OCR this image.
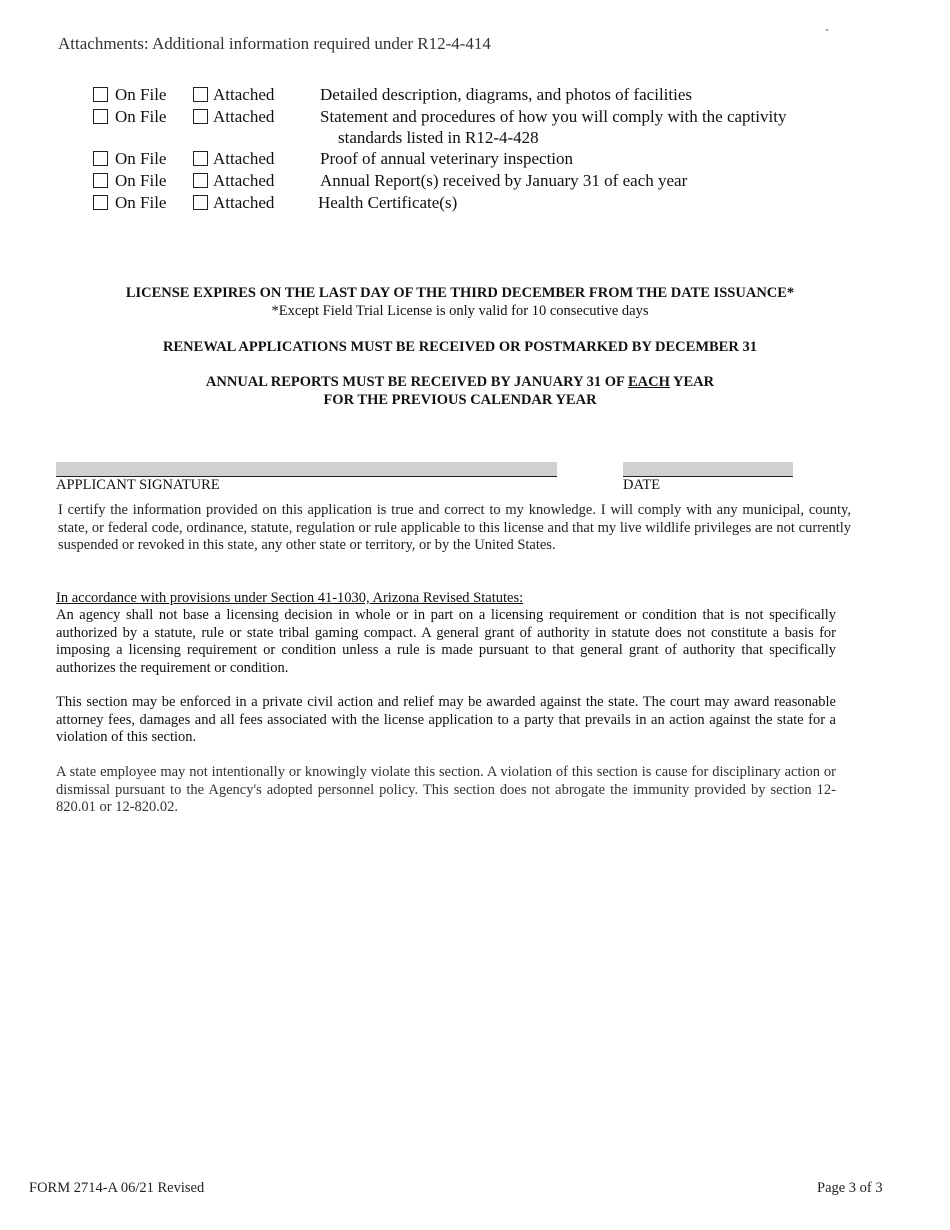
-
Attachments: Additional information required under R12-4-414
On File	Attached	Detailed description, diagrams, and photos of facilities
On File	Attached	Statement and procedures of how you will comply with the captivity
standards listed in R12-4-428
On File	Attached	Proof of annual veterinary inspection
On File	Attached	Annual Report(s) received by January 31 of each year
On File	Attached	Health Certificate(s)
LICENSE EXPIRES ON THE LAST DAY OF THE THIRD DECEMBER FROM THE DATE ISSUANCE*
*Except Field Trial License is only valid for 10 consecutive days
RENEWAL APPLICATIONS MUST BE RECEIVED OR POSTMARKED BY DECEMBER 31
ANNUAL REPORTS MUST BE RECEIVED BY JANUARY 31 OF EACH YEAR
FOR THE PREVIOUS CALENDAR YEAR
APPLICANT SIGNATURE	DATE
I certify the information provided on this application is true and correct to my knowledge. I will comply with any municipal, county, state, or federal code, ordinance, statute, regulation or rule applicable to this license and that my live wildlife privileges are not currently suspended or revoked in this state, any other state or territory, or by the United States.
In accordance with provisions under Section 41-1030, Arizona Revised Statutes:
An agency shall not base a licensing decision in whole or in part on a licensing requirement or condition that is not specifically authorized by a statute, rule or state tribal gaming compact. A general grant of authority in statute does not constitute a basis for imposing a licensing requirement or condition unless a rule is made pursuant to that general grant of authority that specifically authorizes the requirement or condition.
This section may be enforced in a private civil action and relief may be awarded against the state. The court may award reasonable attorney fees, damages and all fees associated with the license application to a party that prevails in an action against the state for a violation of this section.
A state employee may not intentionally or knowingly violate this section. A violation of this section is cause for disciplinary action or dismissal pursuant to the Agency's adopted personnel policy. This section does not abrogate the immunity provided by section 12-820.01 or 12-820.02.
FORM 2714-A 06/21 Revised	Page 3 of 3
